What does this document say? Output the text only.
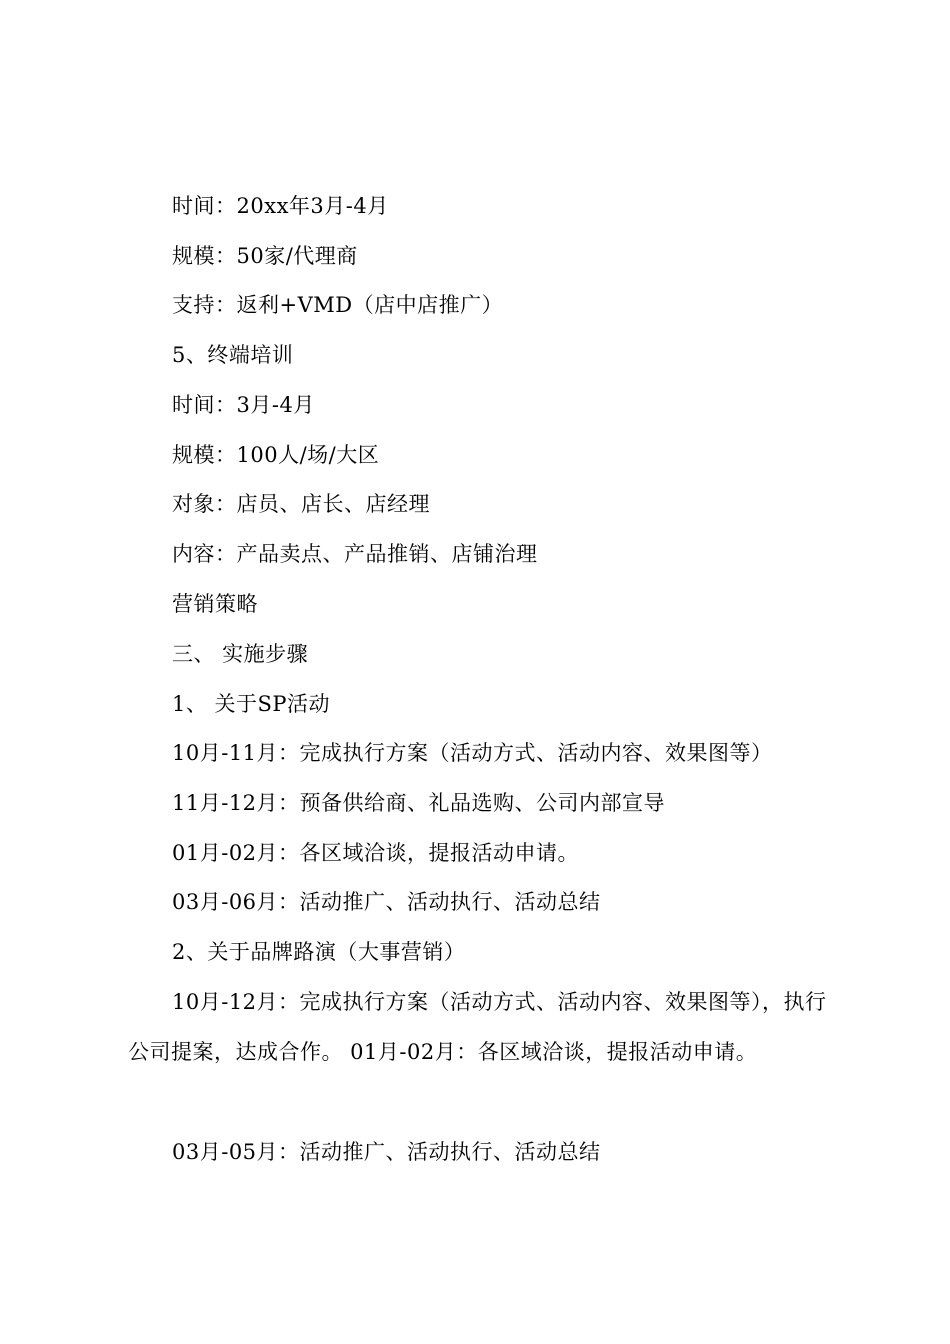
时间：20xx年3月-4月
规模：50家/代理商
支持：返利+VMD（店中店推广）
5、终端培训
时间：3月-4月
规模：100人/场/大区
对象：店员、店长、店经理
内容：产品卖点、产品推销、店铺治理
营销策略
三、 实施步骤
1、 关于SP活动
10月-11月：完成执行方案（活动方式、活动内容、效果图等）
11月-12月：预备供给商、礼品选购、公司内部宣导
01月-02月：各区域洽谈，提报活动申请。
03月-06月：活动推广、活动执行、活动总结
2、关于品牌路演（大事营销）
10月-12月：完成执行方案（活动方式、活动内容、效果图等），执行公司提案，达成合作。 01月-02月：各区域洽谈，提报活动申请。
03月-05月：活动推广、活动执行、活动总结
